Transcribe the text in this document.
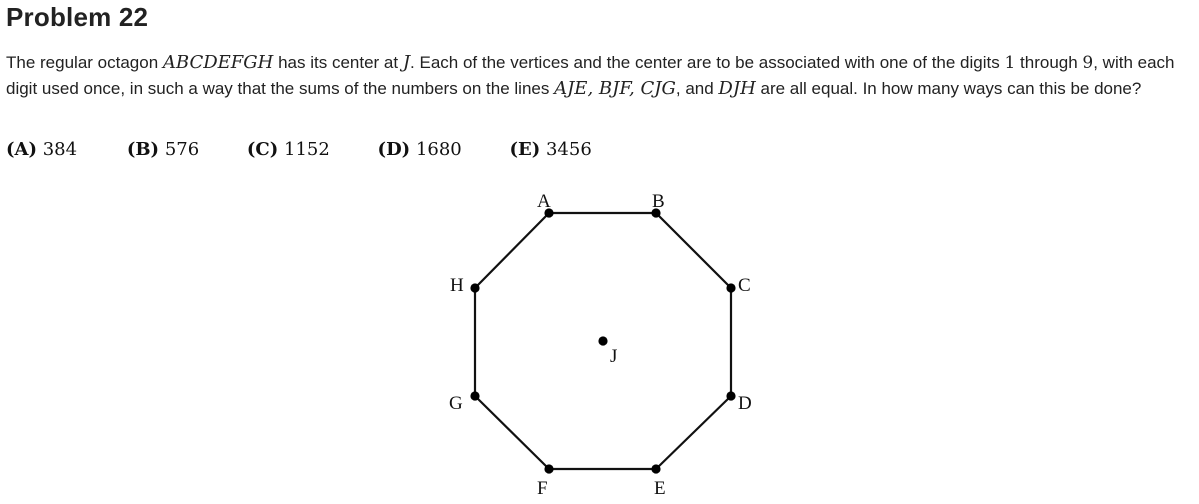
Problem 22
The regular octagon ABCDEFGH has its center at J. Each of the vertices and the center are to be associated with one of the digits 1 through 9, with each digit used once, in such a way that the sums of the numbers on the lines AJE, BJF, CJG, and DJH are all equal. In how many ways can this be done?
(A) 384	(B) 576	(C) 1152	(D) 1680	(E) 3456
A	B
C
D
E
F
G
H
J
